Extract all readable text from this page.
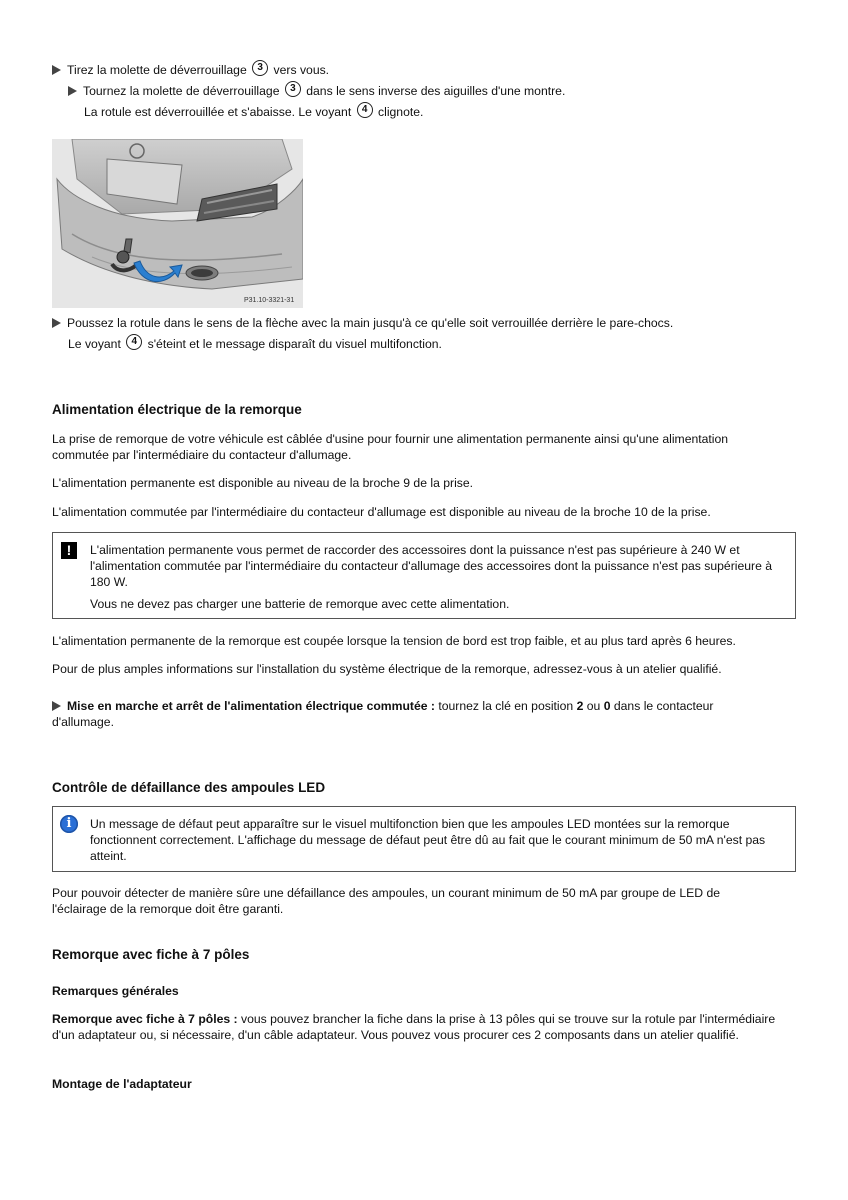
Tirez la molette de déverrouillage 3 vers vous.
Tournez la molette de déverrouillage 3 dans le sens inverse des aiguilles d'une montre.
La rotule est déverrouillée et s'abaisse. Le voyant 4 clignote.
P31.10-3321-31
Poussez la rotule dans le sens de la flèche avec la main jusqu'à ce qu'elle soit verrouillée derrière le pare-chocs.
Le voyant 4 s'éteint et le message disparaît du visuel multifonction.
Alimentation électrique de la remorque

La prise de remorque de votre véhicule est câblée d'usine pour fournir une alimentation permanente ainsi qu'une alimentation commutée par l'intermédiaire du contacteur d'allumage.

L'alimentation permanente est disponible au niveau de la broche 9 de la prise.

L'alimentation commutée par l'intermédiaire du contacteur d'allumage est disponible au niveau de la broche 10 de la prise.

!	L'alimentation permanente vous permet de raccorder des accessoires dont la puissance n'est pas supérieure à 240 W et l'alimentation commutée par l'intermédiaire du contacteur d'allumage des accessoires dont la puissance n'est pas supérieure à 180 W.

Vous ne devez pas charger une batterie de remorque avec cette alimentation.

L'alimentation permanente de la remorque est coupée lorsque la tension de bord est trop faible, et au plus tard après 6 heures.

Pour de plus amples informations sur l'installation du système électrique de la remorque, adressez-vous à un atelier qualifié.

Mise en marche et arrêt de l'alimentation électrique commutée : tournez la clé en position 2 ou 0 dans le contacteur d'allumage.
Contrôle de défaillance des ampoules LED
i	Un message de défaut peut apparaître sur le visuel multifonction bien que les ampoules LED montées sur la remorque fonctionnent correctement. L'affichage du message de défaut peut être dû au fait que le courant minimum de 50 mA n'est pas atteint.

Pour pouvoir détecter de manière sûre une défaillance des ampoules, un courant minimum de 50 mA par groupe de LED de l'éclairage de la remorque doit être garanti.

Remorque avec fiche à 7 pôles
Remarques générales

Remorque avec fiche à 7 pôles : vous pouvez brancher la fiche dans la prise à 13 pôles qui se trouve sur la rotule par l'intermédiaire d'un adaptateur ou, si nécessaire, d'un câble adaptateur. Vous pouvez vous procurer ces 2 composants dans un atelier qualifié.

Montage de l'adaptateur
